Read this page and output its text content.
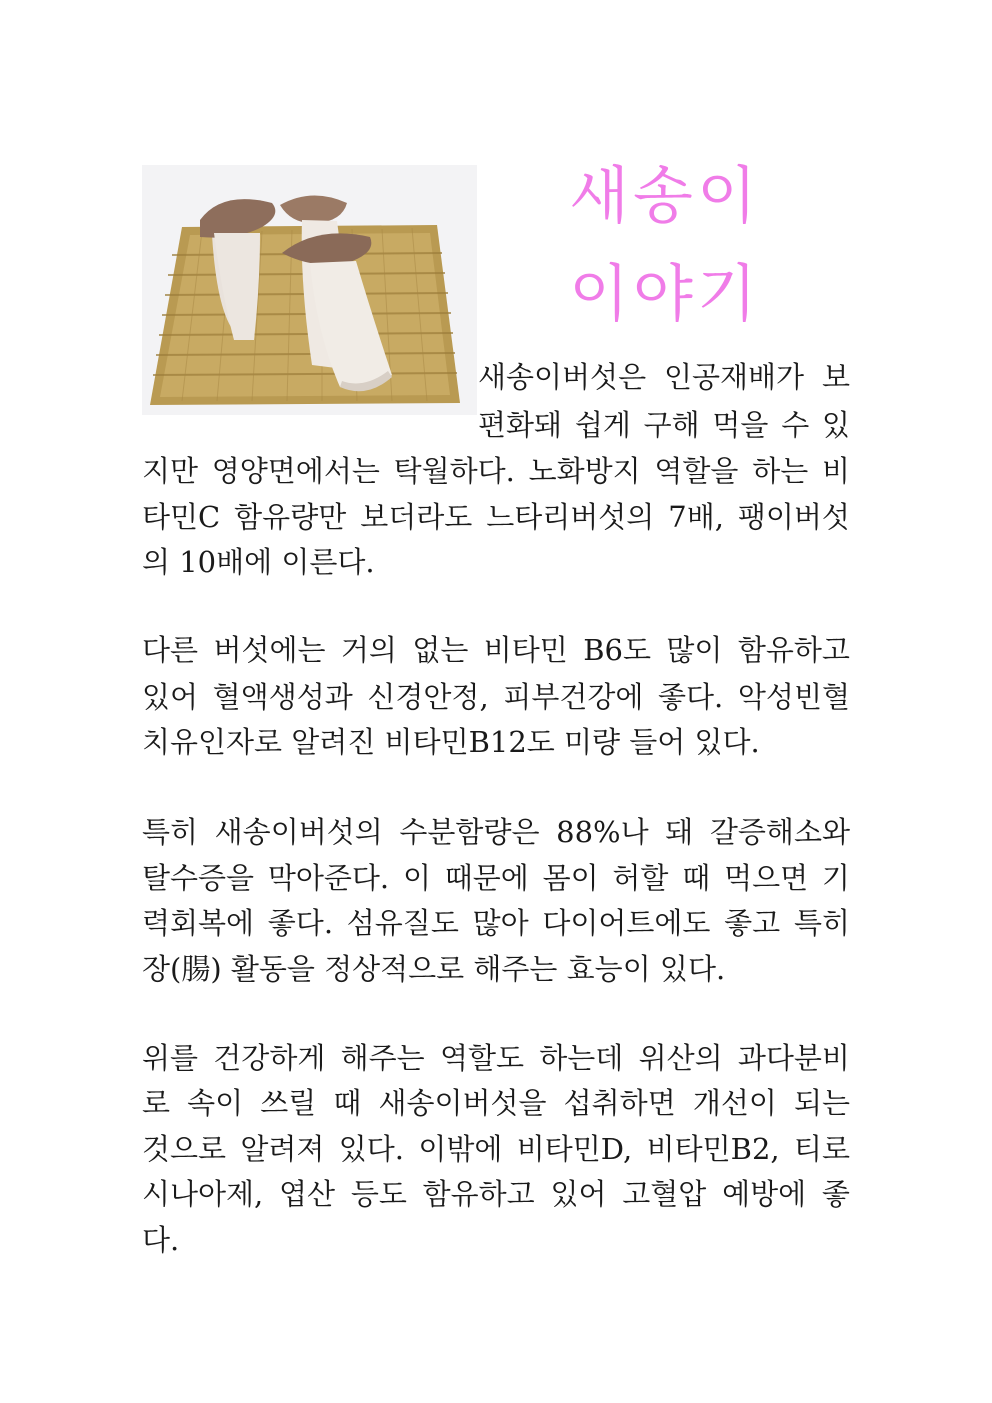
새송이
이야기
새송이버섯은 인공재배가 보
편화돼 쉽게 구해 먹을 수 있
지만 영양면에서는 탁월하다. 노화방지 역할을 하는 비
타민C 함유량만 보더라도 느타리버섯의 7배, 팽이버섯
의 10배에 이른다.
다른 버섯에는 거의 없는 비타민 B6도 많이 함유하고
있어 혈액생성과 신경안정, 피부건강에 좋다. 악성빈혈
치유인자로 알려진 비타민B12도 미량 들어 있다.
특히 새송이버섯의 수분함량은 88%나 돼 갈증해소와
탈수증을 막아준다. 이 때문에 몸이 허할 때 먹으면 기
력회복에 좋다. 섬유질도 많아 다이어트에도 좋고 특히
장(腸) 활동을 정상적으로 해주는 효능이 있다.
위를 건강하게 해주는 역할도 하는데 위산의 과다분비
로 속이 쓰릴 때 새송이버섯을 섭취하면 개선이 되는
것으로 알려져 있다. 이밖에 비타민D, 비타민B2, 티로
시나아제, 엽산 등도 함유하고 있어 고혈압 예방에 좋
다.
